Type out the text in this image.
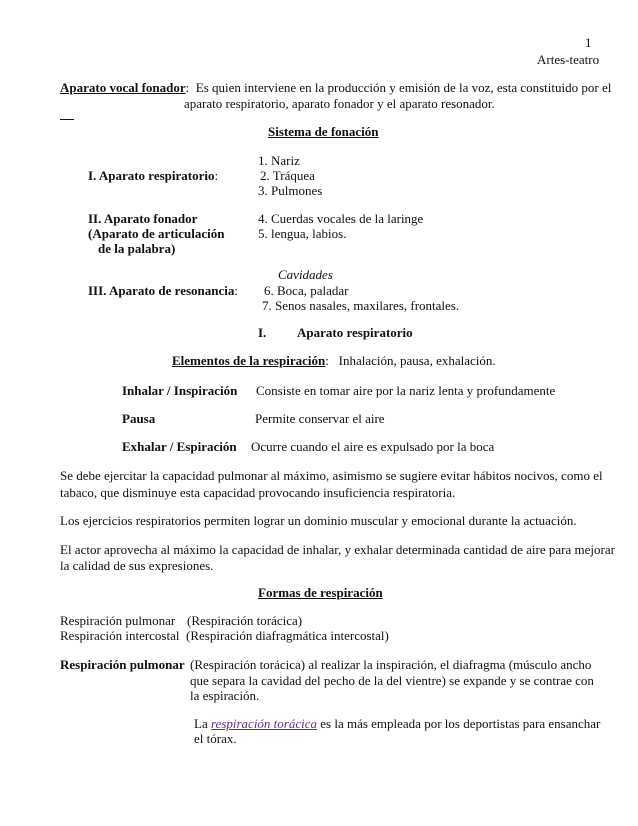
1
Artes-teatro
Aparato vocal fonador: Es quien interviene en la producción y emisión de la voz, esta constituido por el
aparato respiratorio, aparato fonador y el aparato resonador.
Sistema de fonación
1. Nariz
I. Aparato respiratorio:	2. Tráquea
3. Pulmones
II. Aparato fonador	4. Cuerdas vocales de la laringe
(Aparato de articulación	5. lengua, labios.
de la palabra)
Cavidades
III. Aparato de resonancia: 6. Boca, paladar
7. Senos nasales, maxilares, frontales.
I. Aparato respiratorio
Elementos de la respiración: Inhalación, pausa, exhalación.
Inhalar / Inspiración Consiste en tomar aire por la nariz lenta y profundamente
Pausa	Permite conservar el aire
Exhalar / Espiración Ocurre cuando el aire es expulsado por la boca
Se debe ejercitar la capacidad pulmonar al máximo, asimismo se sugiere evitar hábitos nocivos, como el
tabaco, que disminuye esta capacidad provocando insuficiencia respiratoria.
Los ejercicios respiratorios permiten lograr un dominio muscular y emocional durante la actuación.
El actor aprovecha al máximo la capacidad de inhalar, y exhalar determinada cantidad de aire para mejorar
la calidad de sus expresiones.
Formas de respiración
Respiración pulmonar (Respiración torácica)
Respiración intercostal (Respiración diafragmática intercostal)
Respiración pulmonar (Respiración torácica) al realizar la inspiración, el diafragma (músculo ancho
que separa la cavidad del pecho de la del vientre) se expande y se contrae con
la espiración.
La respiración torácica es la más empleada por los deportistas para ensanchar
el tórax.
